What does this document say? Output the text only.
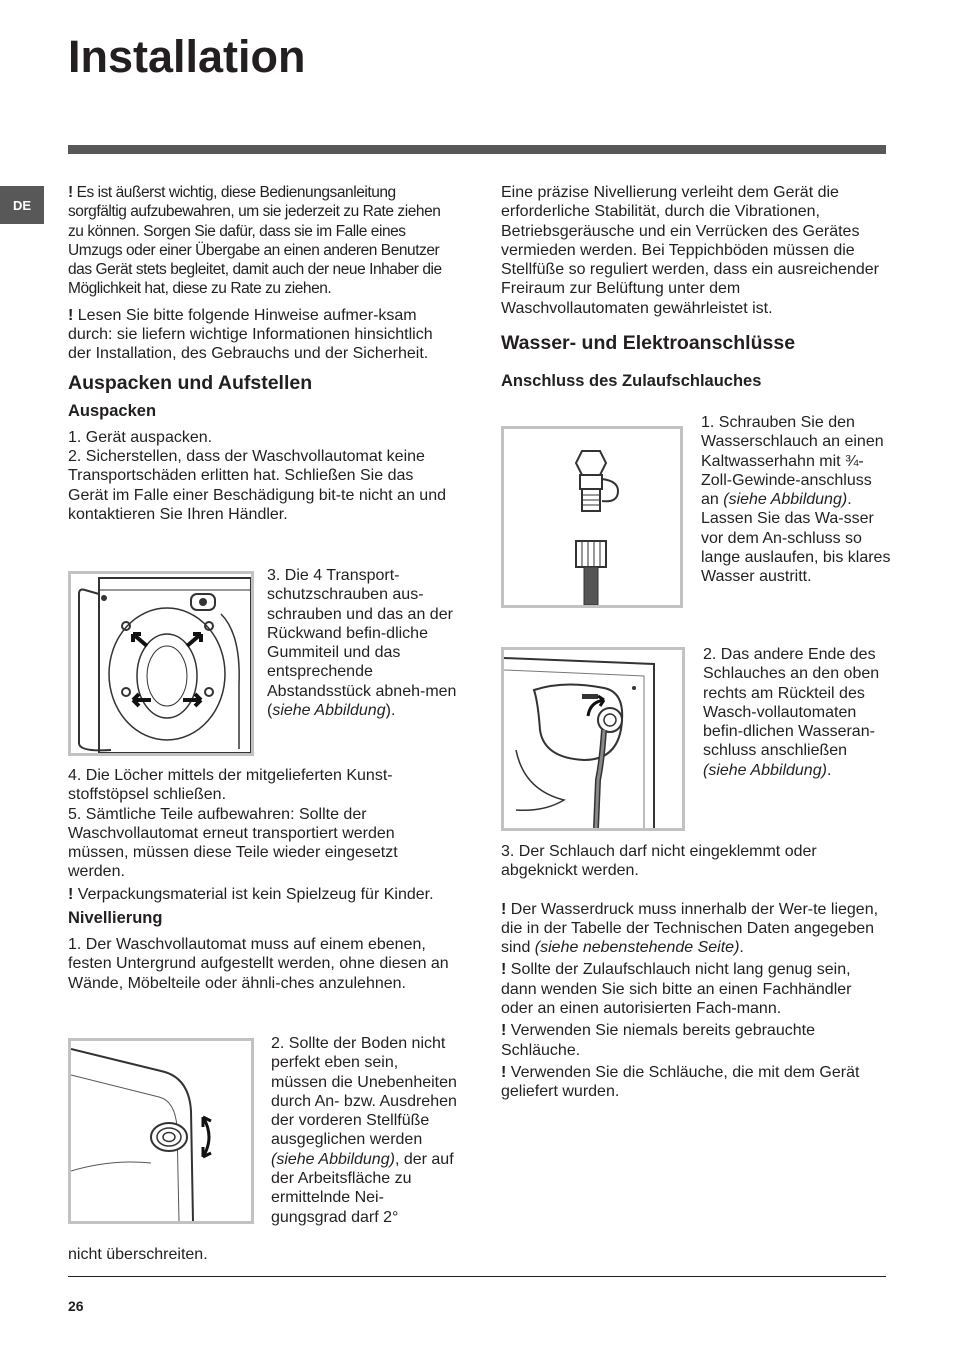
Installation
DE

! Es ist äußerst wichtig, diese Bedienungsanleitung sorgfältig aufzubewahren, um sie jederzeit zu Rate ziehen zu können. Sorgen Sie dafür, dass sie im Falle eines Umzugs oder einer Übergabe an einen anderen Benutzer das Gerät stets begleitet, damit auch der neue Inhaber die Möglichkeit hat, diese zu Rate zu ziehen.

! Lesen Sie bitte folgende Hinweise aufmer-ksam durch: sie liefern wichtige Informationen hinsichtlich der Installation, des Gebrauchs und der Sicherheit.

Auspacken und Aufstellen
Auspacken

1. Gerät auspacken.

2. Sicherstellen, dass der Waschvollautomat keine Transportschäden erlitten hat. Schließen Sie das Gerät im Falle einer Beschädigung bit-te nicht an und kontaktieren Sie Ihren Händler.

3. Die 4 Transport-schutzschrauben aus-schrauben und das an der Rückwand befin-dliche Gummiteil und das entsprechende Abstandsstück abneh-men (siehe Abbildung).

4. Die Löcher mittels der mitgelieferten Kunst-stoffstöpsel schließen.

5. Sämtliche Teile aufbewahren: Sollte der Waschvollautomat erneut transportiert werden müssen, müssen diese Teile wieder eingesetzt werden.

! Verpackungsmaterial ist kein Spielzeug für Kinder.

Nivellierung

1. Der Waschvollautomat muss auf einem ebenen, festen Untergrund aufgestellt werden, ohne diesen an Wände, Möbelteile oder ähnli-ches anzulehnen.

2. Sollte der Boden nicht perfekt eben sein, müssen die Unebenheiten durch An- bzw. Ausdrehen der vorderen Stellfüße ausgeglichen werden (siehe Abbildung), der auf der Arbeitsfläche zu ermittelnde Nei-gungsgrad darf 2°

nicht überschreiten.

Eine präzise Nivellierung verleiht dem Gerät die erforderliche Stabilität, durch die Vibrationen, Betriebsgeräusche und ein Verrücken des Gerätes vermieden werden. Bei Teppichböden müssen die Stellfüße so reguliert werden, dass ein ausreichender Freiraum zur Belüftung unter dem Waschvollautomaten gewährleistet ist.

Wasser- und Elektroanschlüsse
Anschluss des Zulaufschlauches

1. Schrauben Sie den Wasserschlauch an einen Kaltwasserhahn mit ¾-Zoll-Gewinde-anschluss an (siehe Abbildung).

Lassen Sie das Wa-sser vor dem An-schluss so lange auslaufen, bis klares Wasser austritt.

2. Das andere Ende des Schlauches an den oben rechts am Rückteil des Wasch-vollautomaten befin-dlichen Wasseran-schluss anschließen

(siehe Abbildung).

3. Der Schlauch darf nicht eingeklemmt oder abgeknickt werden.

! Der Wasserdruck muss innerhalb der Wer-te liegen, die in der Tabelle der Technischen Daten angegeben sind (siehe nebenstehende Seite).

! Sollte der Zulaufschlauch nicht lang genug sein, dann wenden Sie sich bitte an einen Fachhändler oder an einen autorisierten Fach-mann.

! Verwenden Sie niemals bereits gebrauchte Schläuche.

! Verwenden Sie die Schläuche, die mit dem Gerät geliefert wurden.

26
